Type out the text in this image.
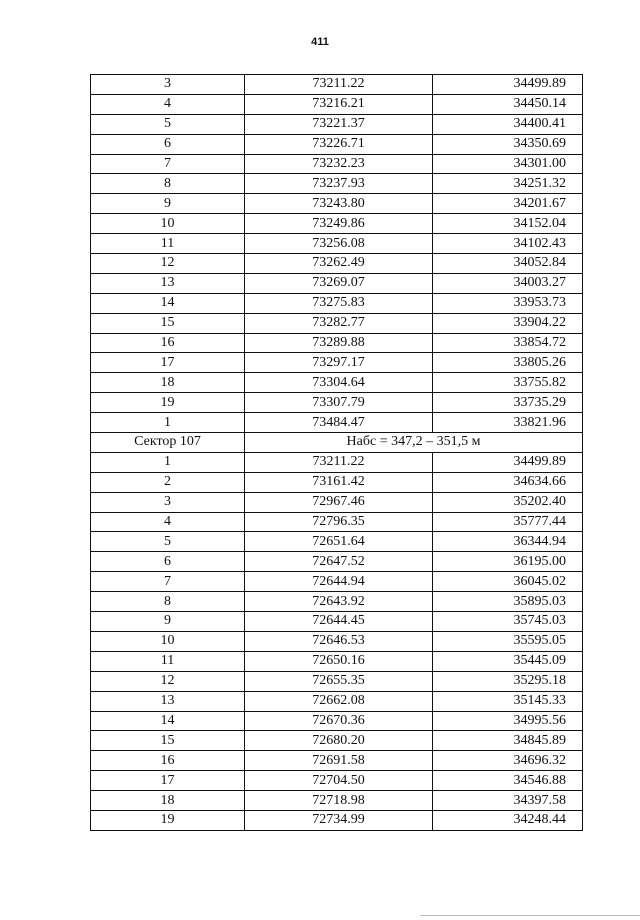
411
3	73211.22	34499.89
4	73216.21	34450.14
5	73221.37	34400.41
6	73226.71	34350.69
7	73232.23	34301.00
8	73237.93	34251.32
9	73243.80	34201.67
10	73249.86	34152.04
11	73256.08	34102.43
12	73262.49	34052.84
13	73269.07	34003.27
14	73275.83	33953.73
15	73282.77	33904.22
16	73289.88	33854.72
17	73297.17	33805.26
18	73304.64	33755.82
19	73307.79	33735.29
1	73484.47	33821.96
Сектор 107	Набс = 347,2 – 351,5 м	
1	73211.22	34499.89
2	73161.42	34634.66
3	72967.46	35202.40
4	72796.35	35777.44
5	72651.64	36344.94
6	72647.52	36195.00
7	72644.94	36045.02
8	72643.92	35895.03
9	72644.45	35745.03
10	72646.53	35595.05
11	72650.16	35445.09
12	72655.35	35295.18
13	72662.08	35145.33
14	72670.36	34995.56
15	72680.20	34845.89
16	72691.58	34696.32
17	72704.50	34546.88
18	72718.98	34397.58
19	72734.99	34248.44
